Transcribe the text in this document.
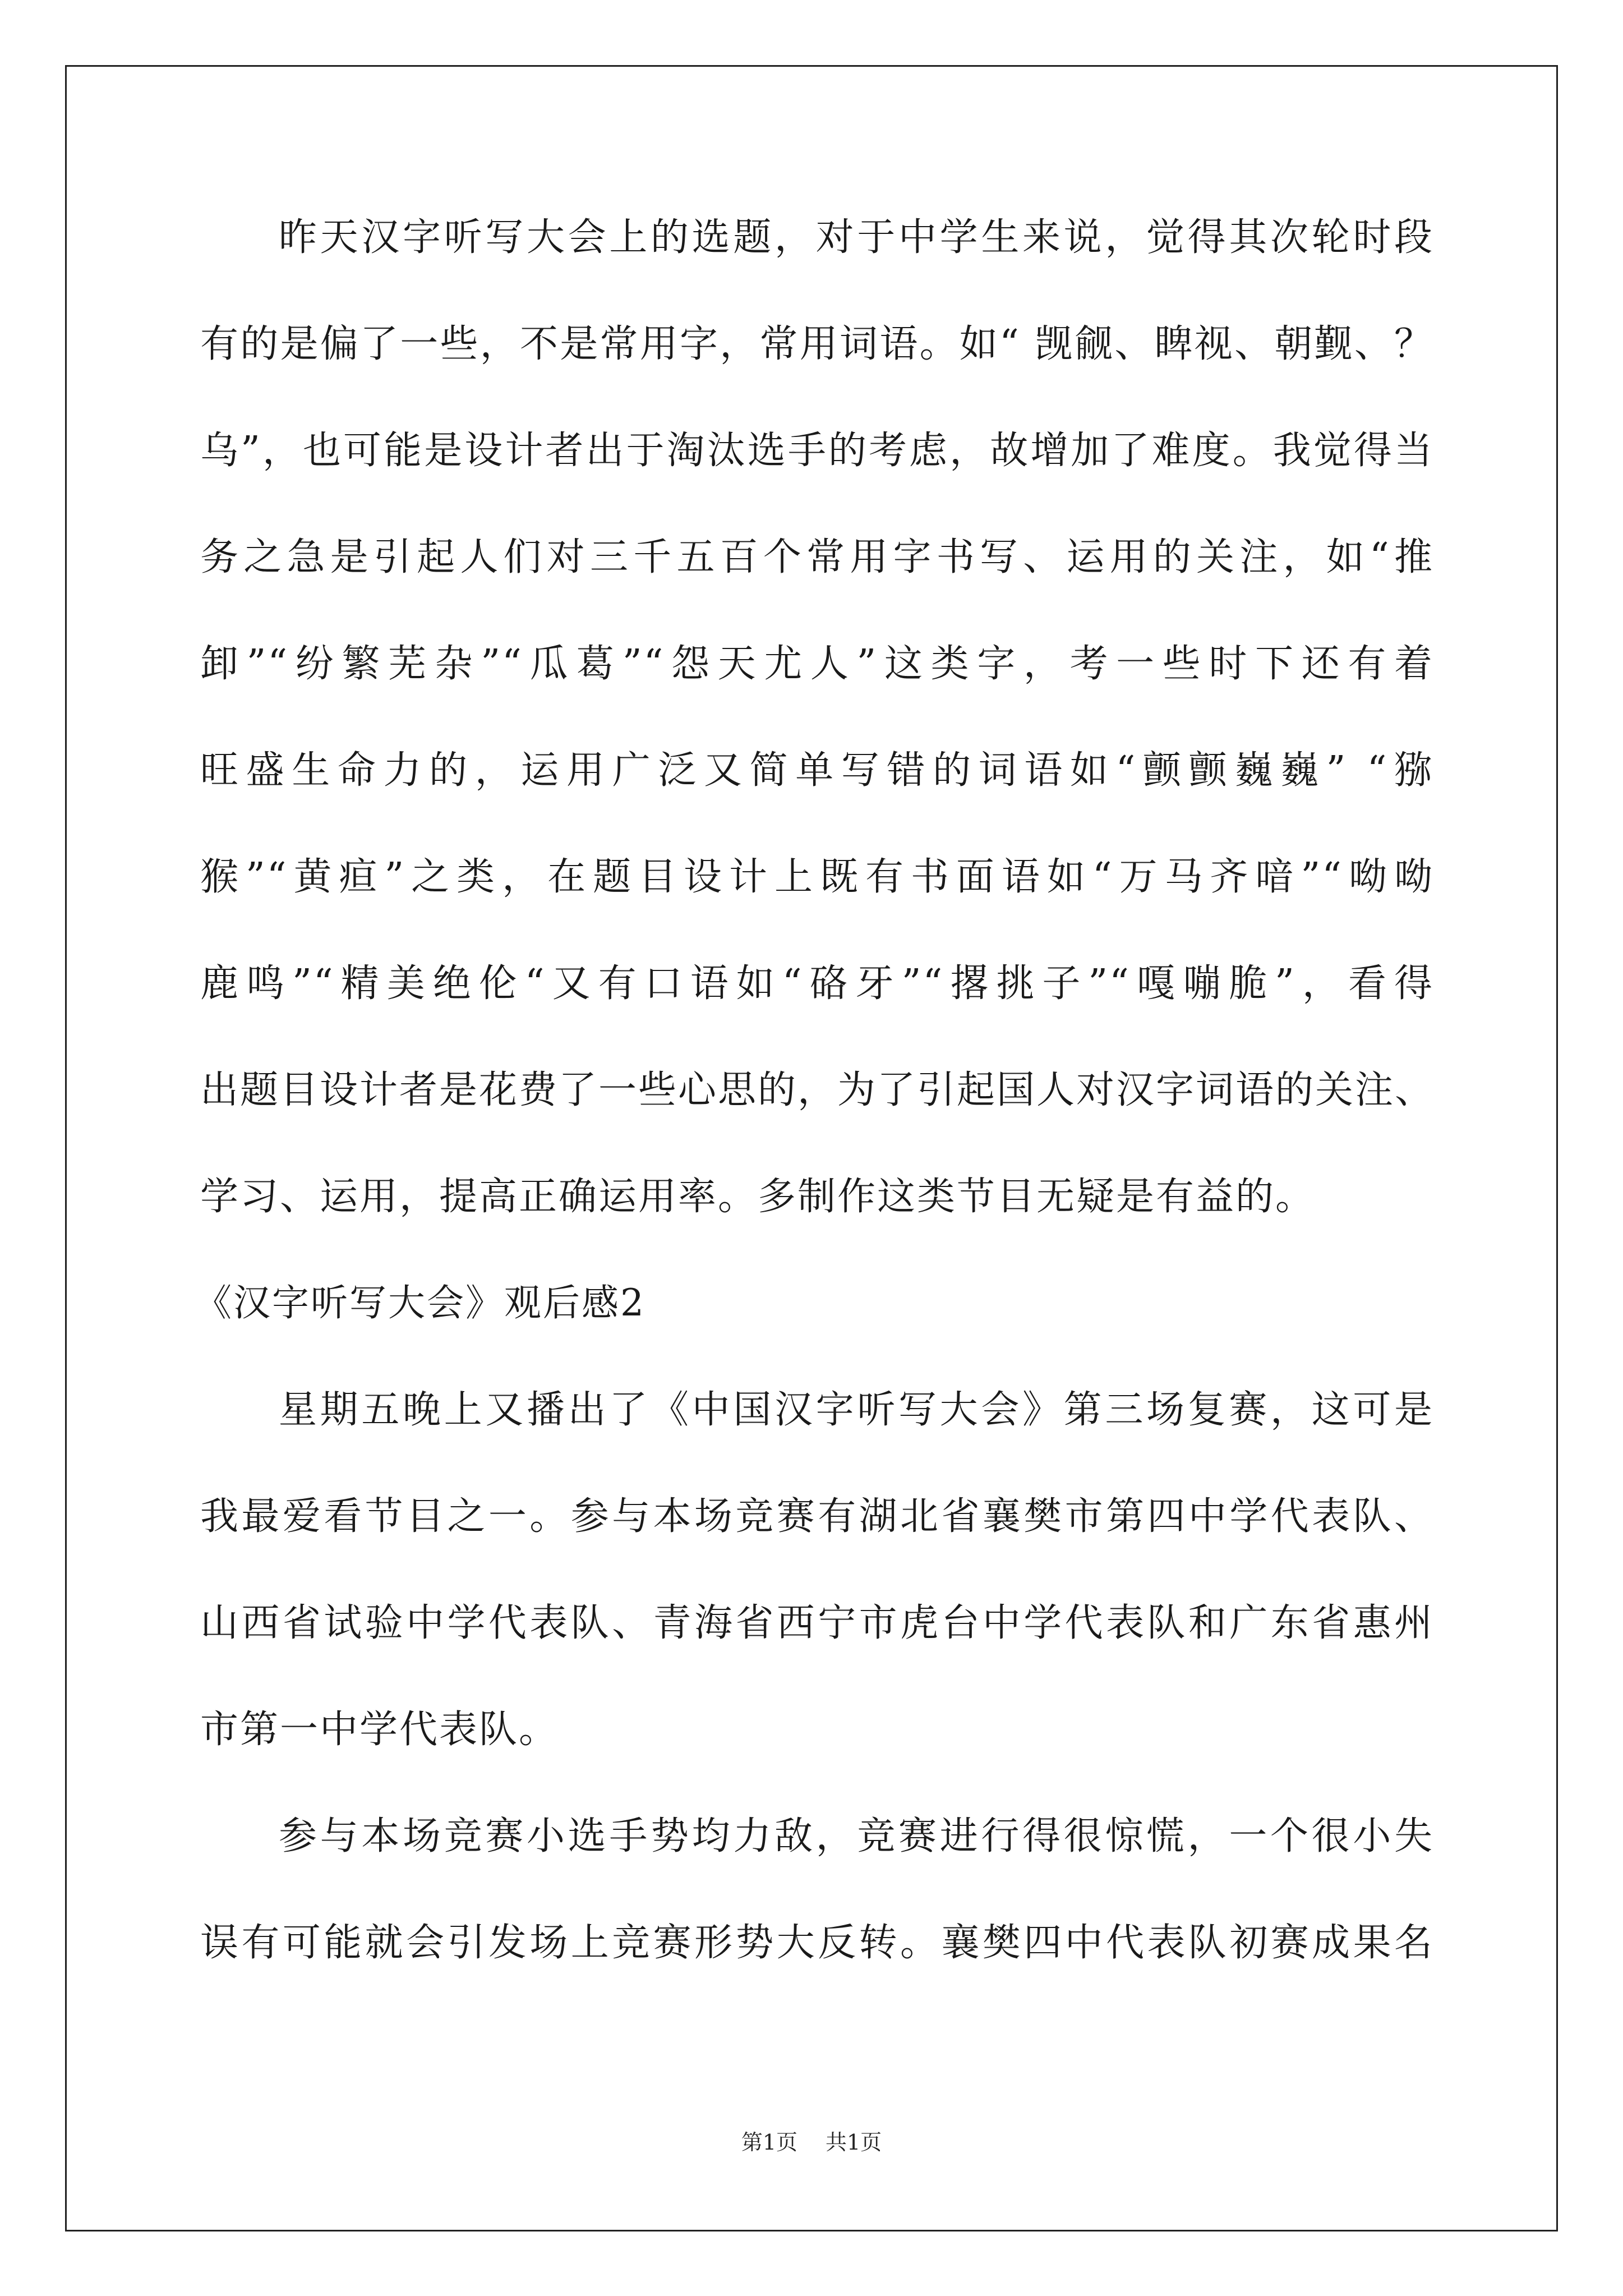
昨天汉字听写大会上的选题，对于中学生来说，觉得其次轮时段
有的是偏了一些，不是常用字，常用词语。如“ 觊觎、睥视、朝觐、？
乌”，也可能是设计者出于淘汰选手的考虑，故增加了难度。我觉得当
务之急是引起人们对三千五百个常用字书写、运用的关注，如“推
卸”“纷繁芜杂”“瓜葛”“怨天尤人”这类字，考一些时下还有着
旺盛生命力的，运用广泛又简单写错的词语如“颤颤巍巍” “猕
猴”“黄疸”之类，在题目设计上既有书面语如“万马齐喑”“呦呦
鹿鸣”“精美绝伦“又有口语如“硌牙”“撂挑子”“嘎嘣脆”，看得
出题目设计者是花费了一些心思的，为了引起国人对汉字词语的关注、
学习、运用，提高正确运用率。多制作这类节目无疑是有益的。
《汉字听写大会》观后感2
星期五晚上又播出了《中国汉字听写大会》第三场复赛，这可是
我最爱看节目之一。参与本场竞赛有湖北省襄樊市第四中学代表队、
山西省试验中学代表队、青海省西宁市虎台中学代表队和广东省惠州
市第一中学代表队。
参与本场竞赛小选手势均力敌，竞赛进行得很惊慌，一个很小失
误有可能就会引发场上竞赛形势大反转。襄樊四中代表队初赛成果名
第1页 共1页
